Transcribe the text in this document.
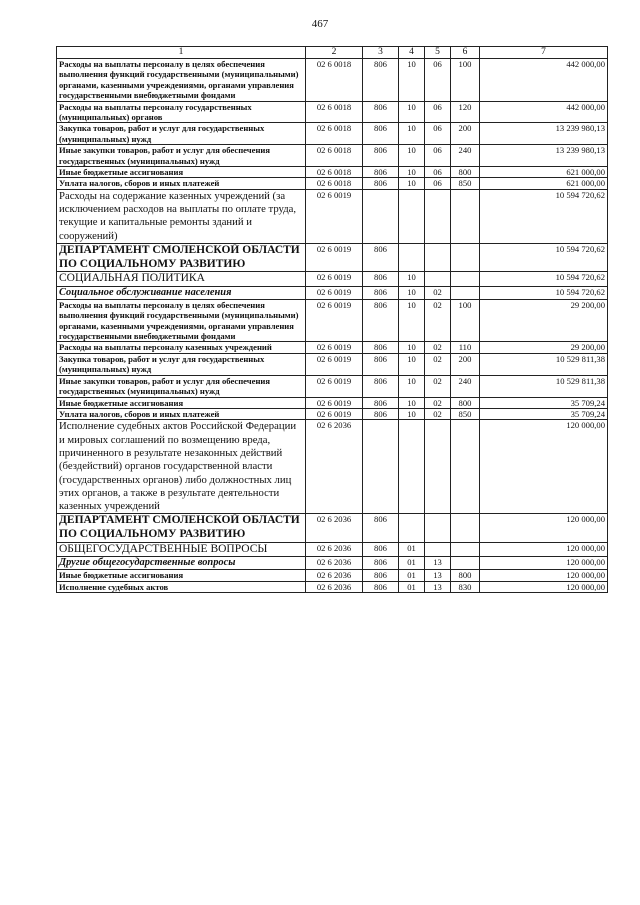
467
1	2	3	4	5	6	7
Расходы на выплаты персоналу в целях обеспечения выполнения функций государственными (муниципальными) органами, казенными учреждениями, органами управления государственными внебюджетными фондами	02 6 0018	806	10	06	100	442 000,00
Расходы на выплаты персоналу государственных (муниципальных) органов	02 6 0018	806	10	06	120	442 000,00
Закупка товаров, работ и услуг для государственных (муниципальных) нужд	02 6 0018	806	10	06	200	13 239 980,13
Иные закупки товаров, работ и услуг для обеспечения государственных (муниципальных) нужд	02 6 0018	806	10	06	240	13 239 980,13
Иные бюджетные ассигнования	02 6 0018	806	10	06	800	621 000,00
Уплата налогов, сборов и иных платежей	02 6 0018	806	10	06	850	621 000,00
Расходы на содержание казенных учреждений (за исключением расходов на выплаты по оплате труда, текущие и капитальные ремонты зданий и сооружений)	02 6 0019					10 594 720,62
ДЕПАРТАМЕНТ СМОЛЕНСКОЙ ОБЛАСТИ ПО СОЦИАЛЬНОМУ РАЗВИТИЮ	02 6 0019	806				10 594 720,62
СОЦИАЛЬНАЯ ПОЛИТИКА	02 6 0019	806	10			10 594 720,62
Социальное обслуживание населения	02 6 0019	806	10	02		10 594 720,62
Расходы на выплаты персоналу в целях обеспечения выполнения функций государственными (муниципальными) органами, казенными учреждениями, органами управления государственными внебюджетными фондами	02 6 0019	806	10	02	100	29 200,00
Расходы на выплаты персоналу казенных учреждений	02 6 0019	806	10	02	110	29 200,00
Закупка товаров, работ и услуг для государственных (муниципальных) нужд	02 6 0019	806	10	02	200	10 529 811,38
Иные закупки товаров, работ и услуг для обеспечения государственных (муниципальных) нужд	02 6 0019	806	10	02	240	10 529 811,38
Иные бюджетные ассигнования	02 6 0019	806	10	02	800	35 709,24
Уплата налогов, сборов и иных платежей	02 6 0019	806	10	02	850	35 709,24
Исполнение судебных актов Российской Федерации и мировых соглашений по возмещению вреда, причиненного в результате незаконных действий (бездействий) органов государственной власти (государственных органов) либо должностных лиц этих органов, а также в результате деятельности казенных учреждений	02 6 2036					120 000,00
ДЕПАРТАМЕНТ СМОЛЕНСКОЙ ОБЛАСТИ ПО СОЦИАЛЬНОМУ РАЗВИТИЮ	02 6 2036	806				120 000,00
ОБЩЕГОСУДАРСТВЕННЫЕ ВОПРОСЫ	02 6 2036	806	01			120 000,00
Другие общегосударственные вопросы	02 6 2036	806	01	13		120 000,00
Иные бюджетные ассигнования	02 6 2036	806	01	13	800	120 000,00
Исполнение судебных актов	02 6 2036	806	01	13	830	120 000,00
